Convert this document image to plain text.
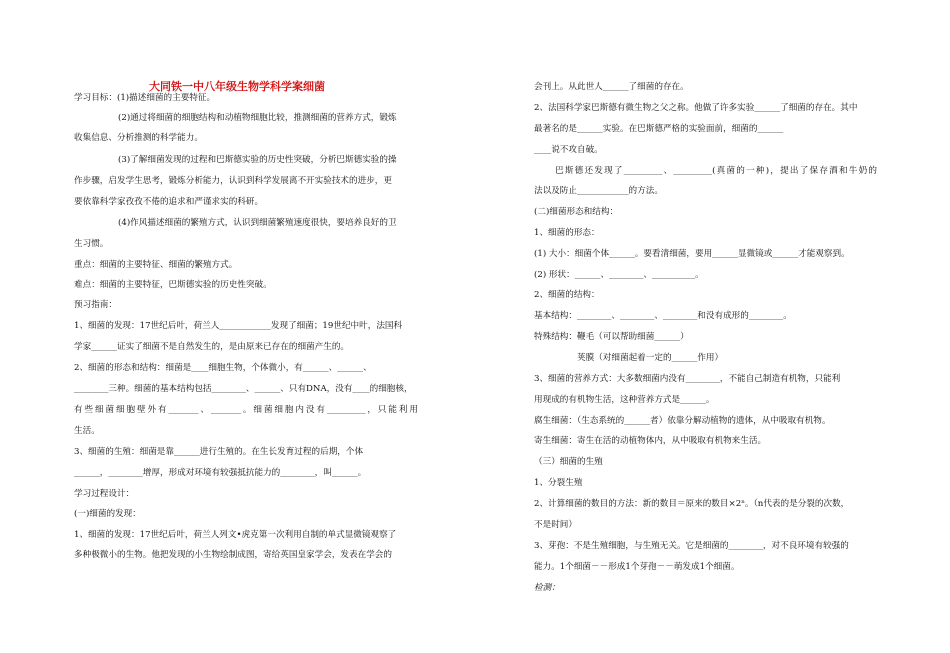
大同铁一中八年级生物学科学案细菌
学习目标：(1)描述细菌的主要特征。
(2)通过将细菌的细胞结构和动植物细胞比较，推测细菌的营养方式，锻炼
收集信息、分析推测的科学能力。
(3)了解细菌发现的过程和巴斯德实验的历史性突破，分析巴斯德实验的操
作步骤，启发学生思考，锻炼分析能力，认识到科学发展离不开实验技术的进步，更
要依靠科学家孜孜不倦的追求和严谨求实的科研。
(4)作风描述细菌的繁殖方式，认识到细菌繁殖速度很快，要培养良好的卫
生习惯。
重点：细菌的主要特征、细菌的繁殖方式。
难点：细菌的主要特征，巴斯德实验的历史性突破。
预习指南：
1、细菌的发现：17世纪后叶，荷兰人____________发现了细菌；19世纪中叶，法国科
学家______证实了细菌不是自然发生的，是由原来已存在的细菌产生的。
2、细菌的形态和结构：细菌是____细胞生物，个体微小，有______、______、
________三种。细菌的基本结构包括________、______、只有DNA，没有____的细胞核，
有些细菌细胞壁外有_______、_______。细菌细胞内没有_________，只能利用
生活。
3、细菌的生殖：细菌是靠______进行生殖的。在生长发育过程的后期，个体
______，________增厚，形成对环境有较强抵抗能力的________，叫______。
学习过程设计：
(一)细菌的发现：
1、细菌的发现：17世纪后叶，荷兰人列文•虎克第一次利用自制的单式显微镜观察了
多种极微小的生物。他把发现的小生物绘制成图，寄给英国皇家学会，发表在学会的
会刊上。从此世人______了细菌的存在。
2、法国科学家巴斯德有微生物之父之称。他做了许多实验______了细菌的存在。其中
最著名的是______实验。在巴斯德严格的实验面前，细菌的______
____说不攻自破。
巴斯德还发现了_________、_________(真菌的一种)，提出了保存酒和牛奶的
法以及防止____________的方法。
(二)细菌形态和结构：
1、细菌的形态：
(1) 大小：细菌个体______。要看清细菌，要用______显微镜或______才能观察到。
(2) 形状：______、________、__________。
2、细菌的结构：
基本结构：________、________、________和没有成形的________。
特殊结构：鞭毛（可以帮助细菌______）
荚膜（对细菌起着一定的______作用）
3、细菌的营养方式：大多数细菌内没有________，不能自己制造有机物，只能利
用现成的有机物生活，这种营养方式是______。
腐生细菌：（生态系统的______者）依靠分解动植物的遗体，从中吸取有机物。
寄生细菌：寄生在活的动植物体内，从中吸取有机物来生活。
（三）细菌的生殖
1、分裂生殖
2、计算细菌的数目的方法：新的数目＝原来的数目×2ⁿ。（n代表的是分裂的次数，
不是时间）
3、芽孢：不是生殖细胞，与生殖无关。它是细菌的________，对不良环境有较强的
能力。1个细菌－－形成1个芽孢－－萌发成1个细菌。
检测：
